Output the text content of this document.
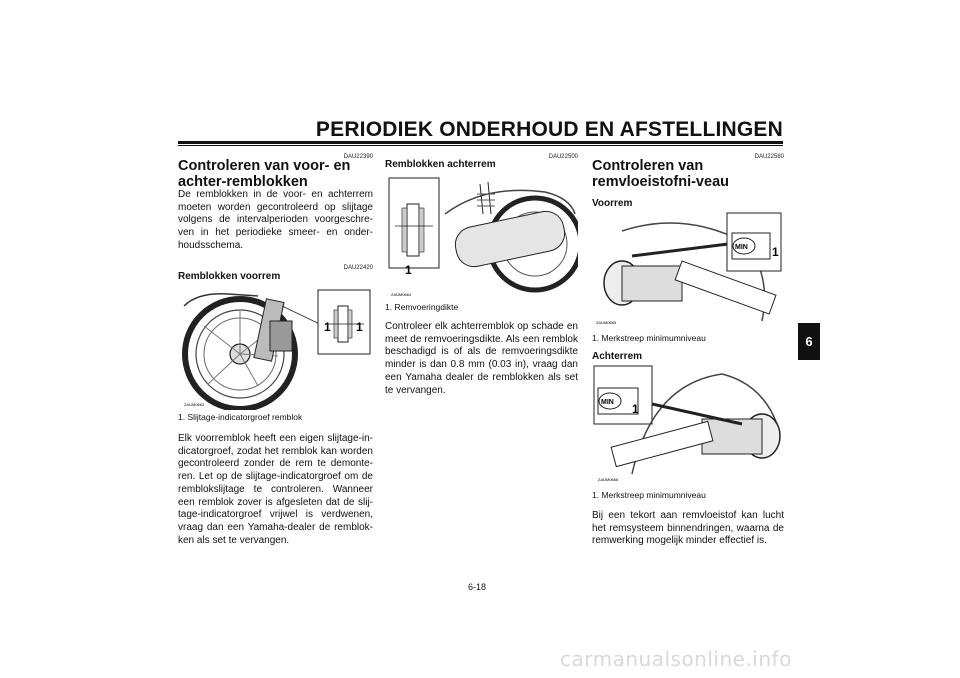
PERIODIEK ONDERHOUD EN AFSTELLINGEN
DAU22390
Controleren van voor- en achter-remblokken

De remblokken in de voor- en achterrem moeten worden gecontroleerd op slijtage volgens de intervalperioden voorgeschre-ven in het periodieke smeer- en onder-houdsschema.

DAU22420
Remblokken voorrem
1 1
ZAUM0663
1. Slijtage-indicatorgroef remblok

Elk voorremblok heeft een eigen slijtage-in-dicatorgroef, zodat het remblok kan worden gecontroleerd zonder de rem te demonte-ren. Let op de slijtage-indicatorgroef om de remblokslijtage te controleren. Wanneer een remblok zover is afgesleten dat de slij-tage-indicatorgroef vrijwel is verdwenen, vraag dan een Yamaha-dealer de remblok-ken als set te vervangen.

DAU22500
Remblokken achterrem
1
ZAUM0664
1. Remvoeringdikte

Controleer elk achterremblok op schade en meet de remvoeringsdikte. Als een remblok beschadigd is of als de remvoeringsdikte minder is dan 0.8 mm (0.03 in), vraag dan een Yamaha dealer de remblokken als set te vervangen.

DAU22580
Controleren van remvloeistofni-veau
Voorrem
MIN 1
ZAUM0665
1. Merkstreep minimumniveau
Achterrem
MIN 1
ZAUM0666
1. Merkstreep minimumniveau

Bij een tekort aan remvloeistof kan lucht het remsysteem binnendringen, waarna de remwerking mogelijk minder effectief is.

6
6-18
carmanualsonline.info
